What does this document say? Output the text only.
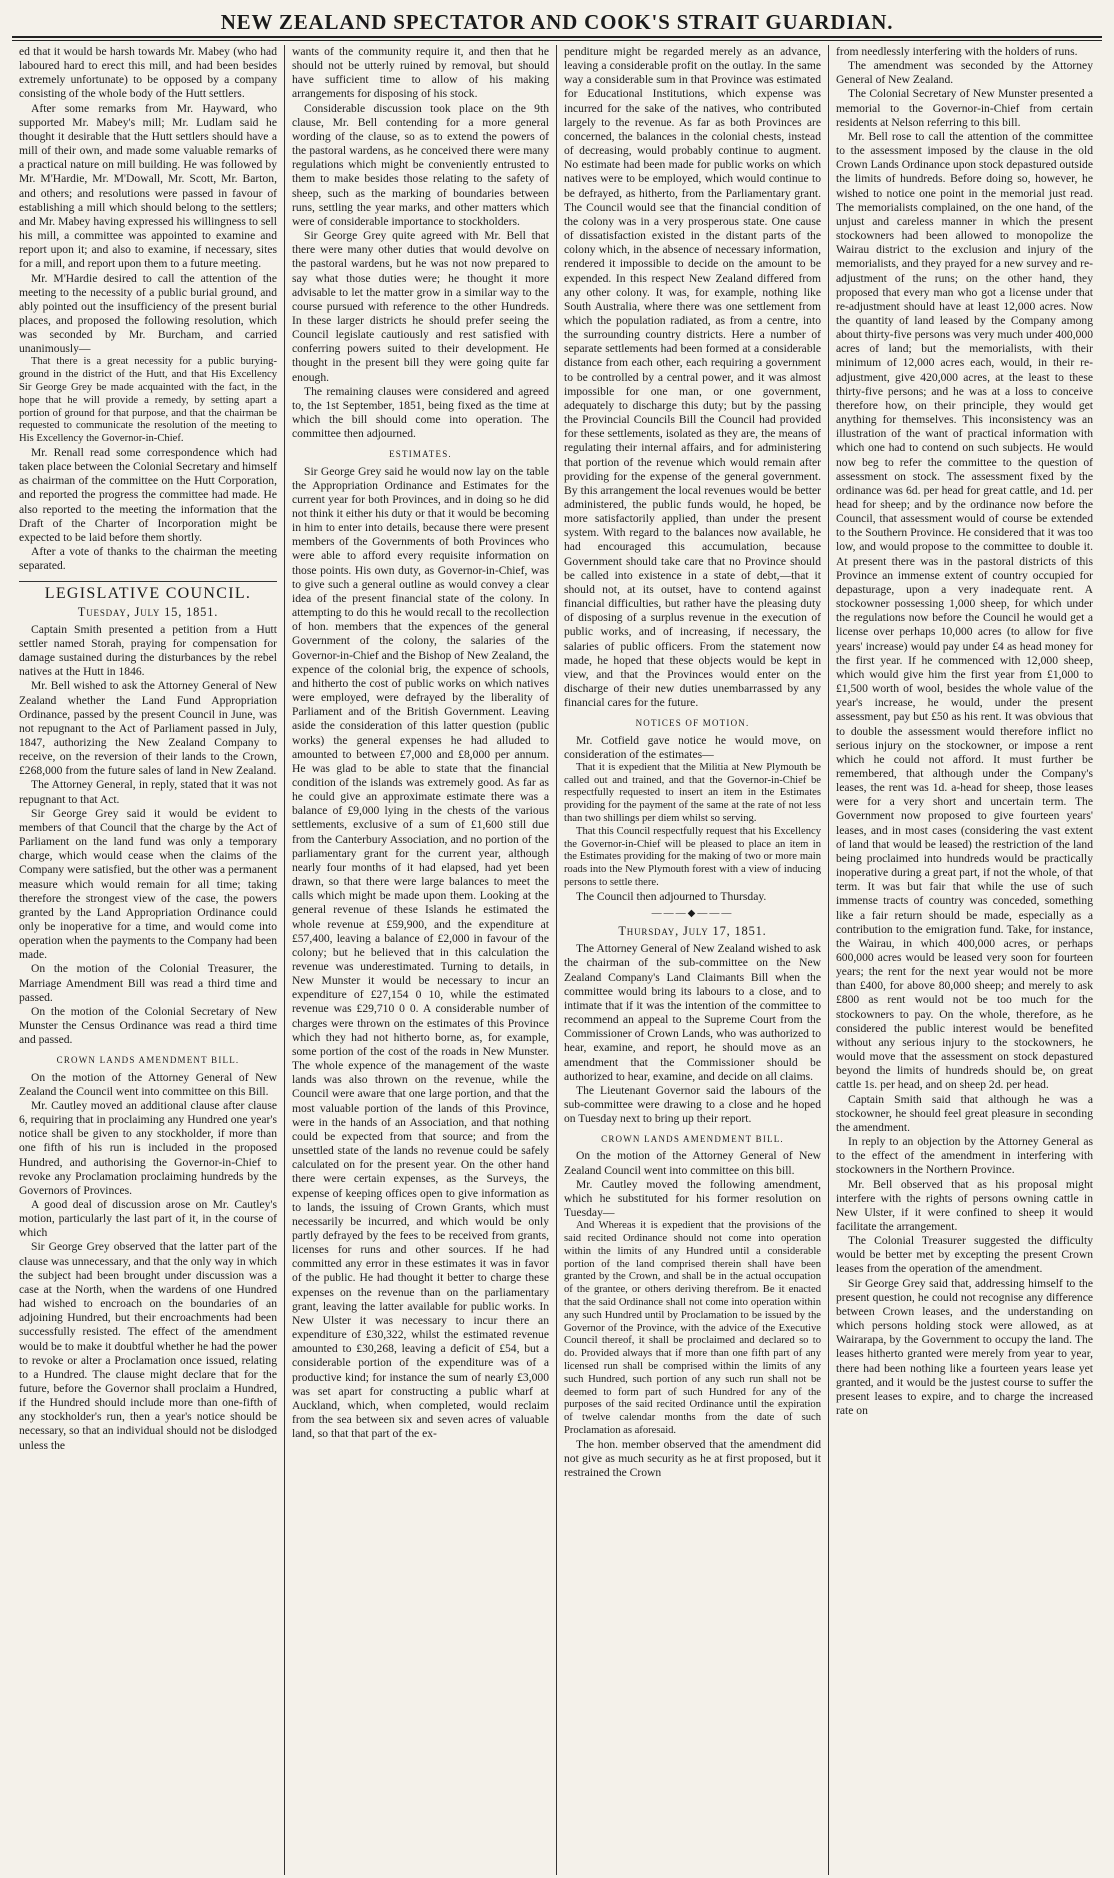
NEW ZEALAND SPECTATOR AND COOK'S STRAIT GUARDIAN.

ed that it would be harsh towards Mr. Mabey (who had laboured hard to erect this mill, and had been besides extremely unfortunate) to be opposed by a company consisting of the whole body of the Hutt settlers.

After some remarks from Mr. Hayward, who supported Mr. Mabey's mill; Mr. Ludlam said he thought it desirable that the Hutt settlers should have a mill of their own, and made some valuable remarks of a practical nature on mill building. He was followed by Mr. M'Hardie, Mr. M'Dowall, Mr. Scott, Mr. Barton, and others; and resolutions were passed in favour of establishing a mill which should belong to the settlers; and Mr. Mabey having expressed his willingness to sell his mill, a committee was appointed to examine and report upon it; and also to examine, if necessary, sites for a mill, and report upon them to a future meeting.

Mr. M'Hardie desired to call the attention of the meeting to the necessity of a public burial ground, and ably pointed out the insufficiency of the present burial places, and proposed the following resolution, which was seconded by Mr. Burcham, and carried unanimously—

That there is a great necessity for a public burying-ground in the district of the Hutt, and that His Excellency Sir George Grey be made acquainted with the fact, in the hope that he will provide a remedy, by setting apart a portion of ground for that purpose, and that the chairman be requested to communicate the resolution of the meeting to His Excellency the Governor-in-Chief.

Mr. Renall read some correspondence which had taken place between the Colonial Secretary and himself as chairman of the committee on the Hutt Corporation, and reported the progress the committee had made. He also reported to the meeting the information that the Draft of the Charter of Incorporation might be expected to be laid before them shortly.

After a vote of thanks to the chairman the meeting separated.

LEGISLATIVE COUNCIL.
Tuesday, July 15, 1851.

Captain Smith presented a petition from a Hutt settler named Storah, praying for compensation for damage sustained during the disturbances by the rebel natives at the Hutt in 1846.

Mr. Bell wished to ask the Attorney General of New Zealand whether the Land Fund Appropriation Ordinance, passed by the present Council in June, was not repugnant to the Act of Parliament passed in July, 1847, authorizing the New Zealand Company to receive, on the reversion of their lands to the Crown, £268,000 from the future sales of land in New Zealand.

The Attorney General, in reply, stated that it was not repugnant to that Act.

Sir George Grey said it would be evident to members of that Council that the charge by the Act of Parliament on the land fund was only a temporary charge, which would cease when the claims of the Company were satisfied, but the other was a permanent measure which would remain for all time; taking therefore the strongest view of the case, the powers granted by the Land Appropriation Ordinance could only be inoperative for a time, and would come into operation when the payments to the Company had been made.

On the motion of the Colonial Treasurer, the Marriage Amendment Bill was read a third time and passed.

On the motion of the Colonial Secretary of New Munster the Census Ordinance was read a third time and passed.

CROWN LANDS AMENDMENT BILL.

On the motion of the Attorney General of New Zealand the Council went into committee on this Bill.

Mr. Cautley moved an additional clause after clause 6, requiring that in proclaiming any Hundred one year's notice shall be given to any stockholder, if more than one fifth of his run is included in the proposed Hundred, and authorising the Governor-in-Chief to revoke any Proclamation proclaiming hundreds by the Governors of Provinces.

A good deal of discussion arose on Mr. Cautley's motion, particularly the last part of it, in the course of which

Sir George Grey observed that the latter part of the clause was unnecessary, and that the only way in which the subject had been brought under discussion was a case at the North, when the wardens of one Hundred had wished to encroach on the boundaries of an adjoining Hundred, but their encroachments had been successfully resisted. The effect of the amendment would be to make it doubtful whether he had the power to revoke or alter a Proclamation once issued, relating to a Hundred. The clause might declare that for the future, before the Governor shall proclaim a Hundred, if the Hundred should include more than one-fifth of any stockholder's run, then a year's notice should be necessary, so that an individual should not be dislodged unless the

wants of the community require it, and then that he should not be utterly ruined by removal, but should have sufficient time to allow of his making arrangements for disposing of his stock.

Considerable discussion took place on the 9th clause, Mr. Bell contending for a more general wording of the clause, so as to extend the powers of the pastoral wardens, as he conceived there were many regulations which might be conveniently entrusted to them to make besides those relating to the safety of sheep, such as the marking of boundaries between runs, settling the year marks, and other matters which were of considerable importance to stockholders.

Sir George Grey quite agreed with Mr. Bell that there were many other duties that would devolve on the pastoral wardens, but he was not now prepared to say what those duties were; he thought it more advisable to let the matter grow in a similar way to the course pursued with reference to the other Hundreds. In these larger districts he should prefer seeing the Council legislate cautiously and rest satisfied with conferring powers suited to their development. He thought in the present bill they were going quite far enough.

The remaining clauses were considered and agreed to, the 1st September, 1851, being fixed as the time at which the bill should come into operation. The committee then adjourned.

ESTIMATES.

Sir George Grey said he would now lay on the table the Appropriation Ordinance and Estimates for the current year for both Provinces, and in doing so he did not think it either his duty or that it would be becoming in him to enter into details, because there were present members of the Governments of both Provinces who were able to afford every requisite information on those points. His own duty, as Governor-in-Chief, was to give such a general outline as would convey a clear idea of the present financial state of the colony. In attempting to do this he would recall to the recollection of hon. members that the expences of the general Government of the colony, the salaries of the Governor-in-Chief and the Bishop of New Zealand, the expence of the colonial brig, the expence of schools, and hitherto the cost of public works on which natives were employed, were defrayed by the liberality of Parliament and of the British Government. Leaving aside the consideration of this latter question (public works) the general expenses he had alluded to amounted to between £7,000 and £8,000 per annum. He was glad to be able to state that the financial condition of the islands was extremely good. As far as he could give an approximate estimate there was a balance of £9,000 lying in the chests of the various settlements, exclusive of a sum of £1,600 still due from the Canterbury Association, and no portion of the parliamentary grant for the current year, although nearly four months of it had elapsed, had yet been drawn, so that there were large balances to meet the calls which might be made upon them. Looking at the general revenue of these Islands he estimated the whole revenue at £59,900, and the expenditure at £57,400, leaving a balance of £2,000 in favour of the colony; but he believed that in this calculation the revenue was underestimated. Turning to details, in New Munster it would be necessary to incur an expenditure of £27,154 0 10, while the estimated revenue was £29,710 0 0. A considerable number of charges were thrown on the estimates of this Province which they had not hitherto borne, as, for example, some portion of the cost of the roads in New Munster. The whole expence of the management of the waste lands was also thrown on the revenue, while the Council were aware that one large portion, and that the most valuable portion of the lands of this Province, were in the hands of an Association, and that nothing could be expected from that source; and from the unsettled state of the lands no revenue could be safely calculated on for the present year. On the other hand there were certain expenses, as the Surveys, the expense of keeping offices open to give information as to lands, the issuing of Crown Grants, which must necessarily be incurred, and which would be only partly defrayed by the fees to be received from grants, licenses for runs and other sources. If he had committed any error in these estimates it was in favor of the public. He had thought it better to charge these expenses on the revenue than on the parliamentary grant, leaving the latter available for public works. In New Ulster it was necessary to incur there an expenditure of £30,322, whilst the estimated revenue amounted to £30,268, leaving a deficit of £54, but a considerable portion of the expenditure was of a productive kind; for instance the sum of nearly £3,000 was set apart for constructing a public wharf at Auckland, which, when completed, would reclaim from the sea between six and seven acres of valuable land, so that that part of the ex-

penditure might be regarded merely as an advance, leaving a considerable profit on the outlay. In the same way a considerable sum in that Province was estimated for Educational Institutions, which expense was incurred for the sake of the natives, who contributed largely to the revenue. As far as both Provinces are concerned, the balances in the colonial chests, instead of decreasing, would probably continue to augment. No estimate had been made for public works on which natives were to be employed, which would continue to be defrayed, as hitherto, from the Parliamentary grant. The Council would see that the financial condition of the colony was in a very prosperous state. One cause of dissatisfaction existed in the distant parts of the colony which, in the absence of necessary information, rendered it impossible to decide on the amount to be expended. In this respect New Zealand differed from any other colony. It was, for example, nothing like South Australia, where there was one settlement from which the population radiated, as from a centre, into the surrounding country districts. Here a number of separate settlements had been formed at a considerable distance from each other, each requiring a government to be controlled by a central power, and it was almost impossible for one man, or one government, adequately to discharge this duty; but by the passing the Provincial Councils Bill the Council had provided for these settlements, isolated as they are, the means of regulating their internal affairs, and for administering that portion of the revenue which would remain after providing for the expense of the general government. By this arrangement the local revenues would be better administered, the public funds would, he hoped, be more satisfactorily applied, than under the present system. With regard to the balances now available, he had encouraged this accumulation, because Government should take care that no Province should be called into existence in a state of debt,—that it should not, at its outset, have to contend against financial difficulties, but rather have the pleasing duty of disposing of a surplus revenue in the execution of public works, and of increasing, if necessary, the salaries of public officers. From the statement now made, he hoped that these objects would be kept in view, and that the Provinces would enter on the discharge of their new duties unembarrassed by any financial cares for the future.

NOTICES OF MOTION.

Mr. Cotfield gave notice he would move, on consideration of the estimates—

That it is expedient that the Militia at New Plymouth be called out and trained, and that the Governor-in-Chief be respectfully requested to insert an item in the Estimates providing for the payment of the same at the rate of not less than two shillings per diem whilst so serving.

That this Council respectfully request that his Excellency the Governor-in-Chief will be pleased to place an item in the Estimates providing for the making of two or more main roads into the New Plymouth forest with a view of inducing persons to settle there.

The Council then adjourned to Thursday.

———◆———
Thursday, July 17, 1851.

The Attorney General of New Zealand wished to ask the chairman of the sub-committee on the New Zealand Company's Land Claimants Bill when the committee would bring its labours to a close, and to intimate that if it was the intention of the committee to recommend an appeal to the Supreme Court from the Commissioner of Crown Lands, who was authorized to hear, examine, and report, he should move as an amendment that the Commissioner should be authorized to hear, examine, and decide on all claims.

The Lieutenant Governor said the labours of the sub-committee were drawing to a close and he hoped on Tuesday next to bring up their report.

CROWN LANDS AMENDMENT BILL.

On the motion of the Attorney General of New Zealand Council went into committee on this bill.

Mr. Cautley moved the following amendment, which he substituted for his former resolution on Tuesday—

And Whereas it is expedient that the provisions of the said recited Ordinance should not come into operation within the limits of any Hundred until a considerable portion of the land comprised therein shall have been granted by the Crown, and shall be in the actual occupation of the grantee, or others deriving therefrom. Be it enacted that the said Ordinance shall not come into operation within any such Hundred until by Proclamation to be issued by the Governor of the Province, with the advice of the Executive Council thereof, it shall be proclaimed and declared so to do. Provided always that if more than one fifth part of any licensed run shall be comprised within the limits of any such Hundred, such portion of any such run shall not be deemed to form part of such Hundred for any of the purposes of the said recited Ordinance until the expiration of twelve calendar months from the date of such Proclamation as aforesaid.

The hon. member observed that the amendment did not give as much security as he at first proposed, but it restrained the Crown

from needlessly interfering with the holders of runs.

The amendment was seconded by the Attorney General of New Zealand.

The Colonial Secretary of New Munster presented a memorial to the Governor-in-Chief from certain residents at Nelson referring to this bill.

Mr. Bell rose to call the attention of the committee to the assessment imposed by the clause in the old Crown Lands Ordinance upon stock depastured outside the limits of hundreds. Before doing so, however, he wished to notice one point in the memorial just read. The memorialists complained, on the one hand, of the unjust and careless manner in which the present stockowners had been allowed to monopolize the Wairau district to the exclusion and injury of the memorialists, and they prayed for a new survey and re-adjustment of the runs; on the other hand, they proposed that every man who got a license under that re-adjustment should have at least 12,000 acres. Now the quantity of land leased by the Company among about thirty-five persons was very much under 400,000 acres of land; but the memorialists, with their minimum of 12,000 acres each, would, in their re-adjustment, give 420,000 acres, at the least to these thirty-five persons; and he was at a loss to conceive therefore how, on their principle, they would get anything for themselves. This inconsistency was an illustration of the want of practical information with which one had to contend on such subjects. He would now beg to refer the committee to the question of assessment on stock. The assessment fixed by the ordinance was 6d. per head for great cattle, and 1d. per head for sheep; and by the ordinance now before the Council, that assessment would of course be extended to the Southern Province. He considered that it was too low, and would propose to the committee to double it. At present there was in the pastoral districts of this Province an immense extent of country occupied for depasturage, upon a very inadequate rent. A stockowner possessing 1,000 sheep, for which under the regulations now before the Council he would get a license over perhaps 10,000 acres (to allow for five years' increase) would pay under £4 as head money for the first year. If he commenced with 12,000 sheep, which would give him the first year from £1,000 to £1,500 worth of wool, besides the whole value of the year's increase, he would, under the present assessment, pay but £50 as his rent. It was obvious that to double the assessment would therefore inflict no serious injury on the stockowner, or impose a rent which he could not afford. It must further be remembered, that although under the Company's leases, the rent was 1d. a-head for sheep, those leases were for a very short and uncertain term. The Government now proposed to give fourteen years' leases, and in most cases (considering the vast extent of land that would be leased) the restriction of the land being proclaimed into hundreds would be practically inoperative during a great part, if not the whole, of that term. It was but fair that while the use of such immense tracts of country was conceded, something like a fair return should be made, especially as a contribution to the emigration fund. Take, for instance, the Wairau, in which 400,000 acres, or perhaps 600,000 acres would be leased very soon for fourteen years; the rent for the next year would not be more than £400, for above 80,000 sheep; and merely to ask £800 as rent would not be too much for the stockowners to pay. On the whole, therefore, as he considered the public interest would be benefited without any serious injury to the stockowners, he would move that the assessment on stock depastured beyond the limits of hundreds should be, on great cattle 1s. per head, and on sheep 2d. per head.

Captain Smith said that although he was a stockowner, he should feel great pleasure in seconding the amendment.

In reply to an objection by the Attorney General as to the effect of the amendment in interfering with stockowners in the Northern Province.

Mr. Bell observed that as his proposal might interfere with the rights of persons owning cattle in New Ulster, if it were confined to sheep it would facilitate the arrangement.

The Colonial Treasurer suggested the difficulty would be better met by excepting the present Crown leases from the operation of the amendment.

Sir George Grey said that, addressing himself to the present question, he could not recognise any difference between Crown leases, and the understanding on which persons holding stock were allowed, as at Wairarapa, by the Government to occupy the land. The leases hitherto granted were merely from year to year, there had been nothing like a fourteen years lease yet granted, and it would be the justest course to suffer the present leases to expire, and to charge the increased rate on
